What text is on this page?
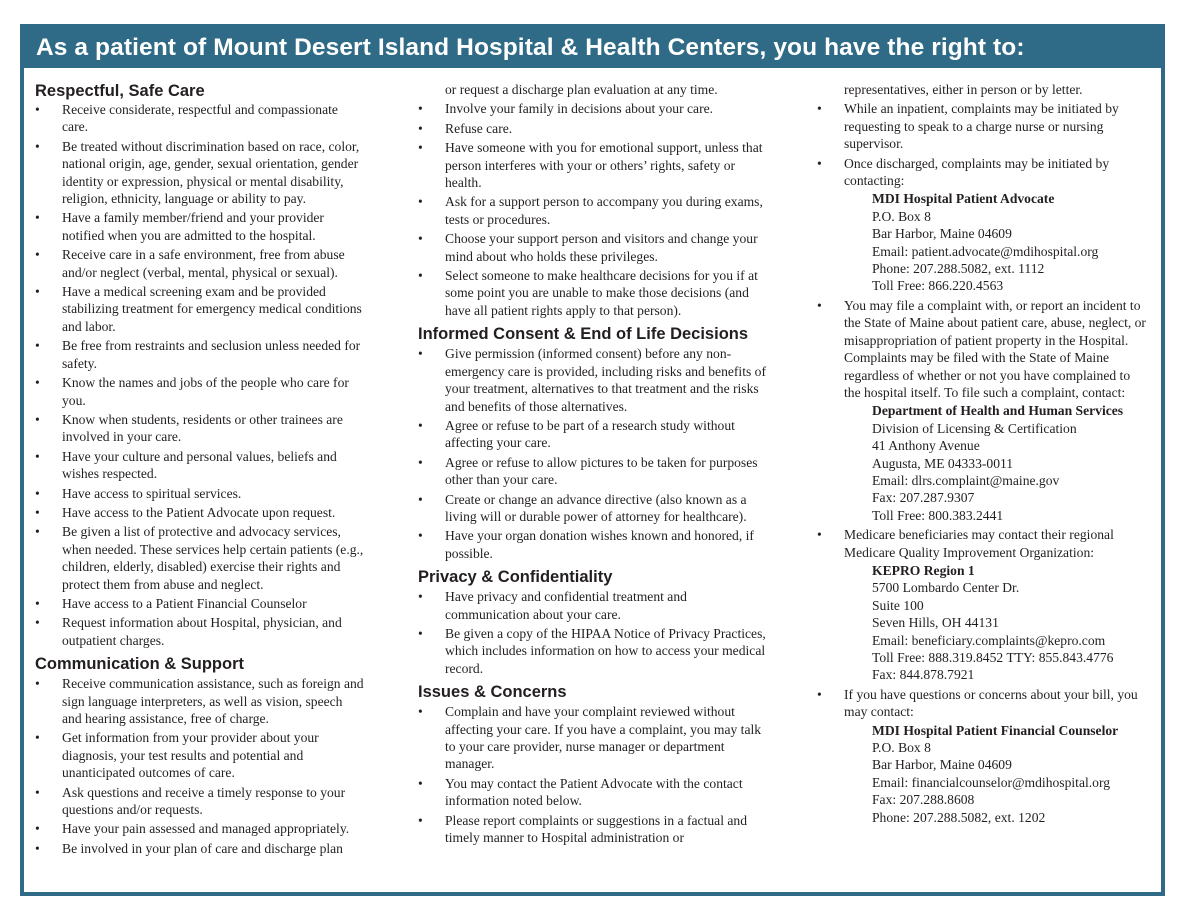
As a patient of Mount Desert Island Hospital & Health Centers, you have the right to:
Respectful, Safe Care
• Receive considerate, respectful and compassionate care.
• Be treated without discrimination based on race, color, national origin, age, gender, sexual orientation, gender identity or expression, physical or mental disability, religion, ethnicity, language or ability to pay.
• Have a family member/friend and your provider notified when you are admitted to the hospital.
• Receive care in a safe environment, free from abuse and/or neglect (verbal, mental, physical or sexual).
• Have a medical screening exam and be provided stabilizing treatment for emergency medical conditions and labor.
• Be free from restraints and seclusion unless needed for safety.
• Know the names and jobs of the people who care for you.
• Know when students, residents or other trainees are involved in your care.
• Have your culture and personal values, beliefs and wishes respected.
• Have access to spiritual services.
• Have access to the Patient Advocate upon request.
• Be given a list of protective and advocacy services, when needed. These services help certain patients (e.g., children, elderly, disabled) exercise their rights and protect them from abuse and neglect.
• Have access to a Patient Financial Counselor
• Request information about Hospital, physician, and outpatient charges.
Communication & Support
• Receive communication assistance, such as foreign and sign language interpreters, as well as vision, speech and hearing assistance, free of charge.
• Get information from your provider about your diagnosis, your test results and potential and unanticipated outcomes of care.
• Ask questions and receive a timely response to your questions and/or requests.
• Have your pain assessed and managed appropriately.
• Be involved in your plan of care and discharge plan
or request a discharge plan evaluation at any time.
• Involve your family in decisions about your care.
• Refuse care.
• Have someone with you for emotional support, unless that person interferes with your or others’ rights, safety or health.
• Ask for a support person to accompany you during exams, tests or procedures.
• Choose your support person and visitors and change your mind about who holds these privileges.
• Select someone to make healthcare decisions for you if at some point you are unable to make those decisions (and have all patient rights apply to that person).
Informed Consent & End of Life Decisions
• Give permission (informed consent) before any non-emergency care is provided, including risks and benefits of your treatment, alternatives to that treatment and the risks and benefits of those alternatives.
• Agree or refuse to be part of a research study without affecting your care.
• Agree or refuse to allow pictures to be taken for purposes other than your care.
• Create or change an advance directive (also known as a living will or durable power of attorney for healthcare).
• Have your organ donation wishes known and honored, if possible.
Privacy & Confidentiality
• Have privacy and confidential treatment and communication about your care.
• Be given a copy of the HIPAA Notice of Privacy Practices, which includes information on how to access your medical record.
Issues & Concerns
• Complain and have your complaint reviewed without affecting your care. If you have a complaint, you may talk to your care provider, nurse manager or department manager.
• You may contact the Patient Advocate with the contact information noted below.
• Please report complaints or suggestions in a factual and timely manner to Hospital administration or
representatives, either in person or by letter.
• While an inpatient, complaints may be initiated by requesting to speak to a charge nurse or nursing supervisor.
• Once discharged, complaints may be initiated by contacting:
MDI Hospital Patient Advocate
P.O. Box 8
Bar Harbor, Maine 04609
Email: patient.advocate@mdihospital.org
Phone: 207.288.5082, ext. 1112
Toll Free: 866.220.4563
• You may file a complaint with, or report an incident to the State of Maine about patient care, abuse, neglect, or misappropriation of patient property in the Hospital. Complaints may be filed with the State of Maine regardless of whether or not you have complained to the hospital itself. To file such a complaint, contact:
Department of Health and Human Services
Division of Licensing & Certification
41 Anthony Avenue
Augusta, ME 04333-0011
Email: dlrs.complaint@maine.gov
Fax: 207.287.9307
Toll Free: 800.383.2441
• Medicare beneficiaries may contact their regional Medicare Quality Improvement Organization:
KEPRO Region 1
5700 Lombardo Center Dr.
Suite 100
Seven Hills, OH 44131
Email: beneficiary.complaints@kepro.com
Toll Free: 888.319.8452 TTY: 855.843.4776
Fax: 844.878.7921
• If you have questions or concerns about your bill, you may contact:
MDI Hospital Patient Financial Counselor
P.O. Box 8
Bar Harbor, Maine 04609
Email: financialcounselor@mdihospital.org
Fax: 207.288.8608
Phone: 207.288.5082, ext. 1202
